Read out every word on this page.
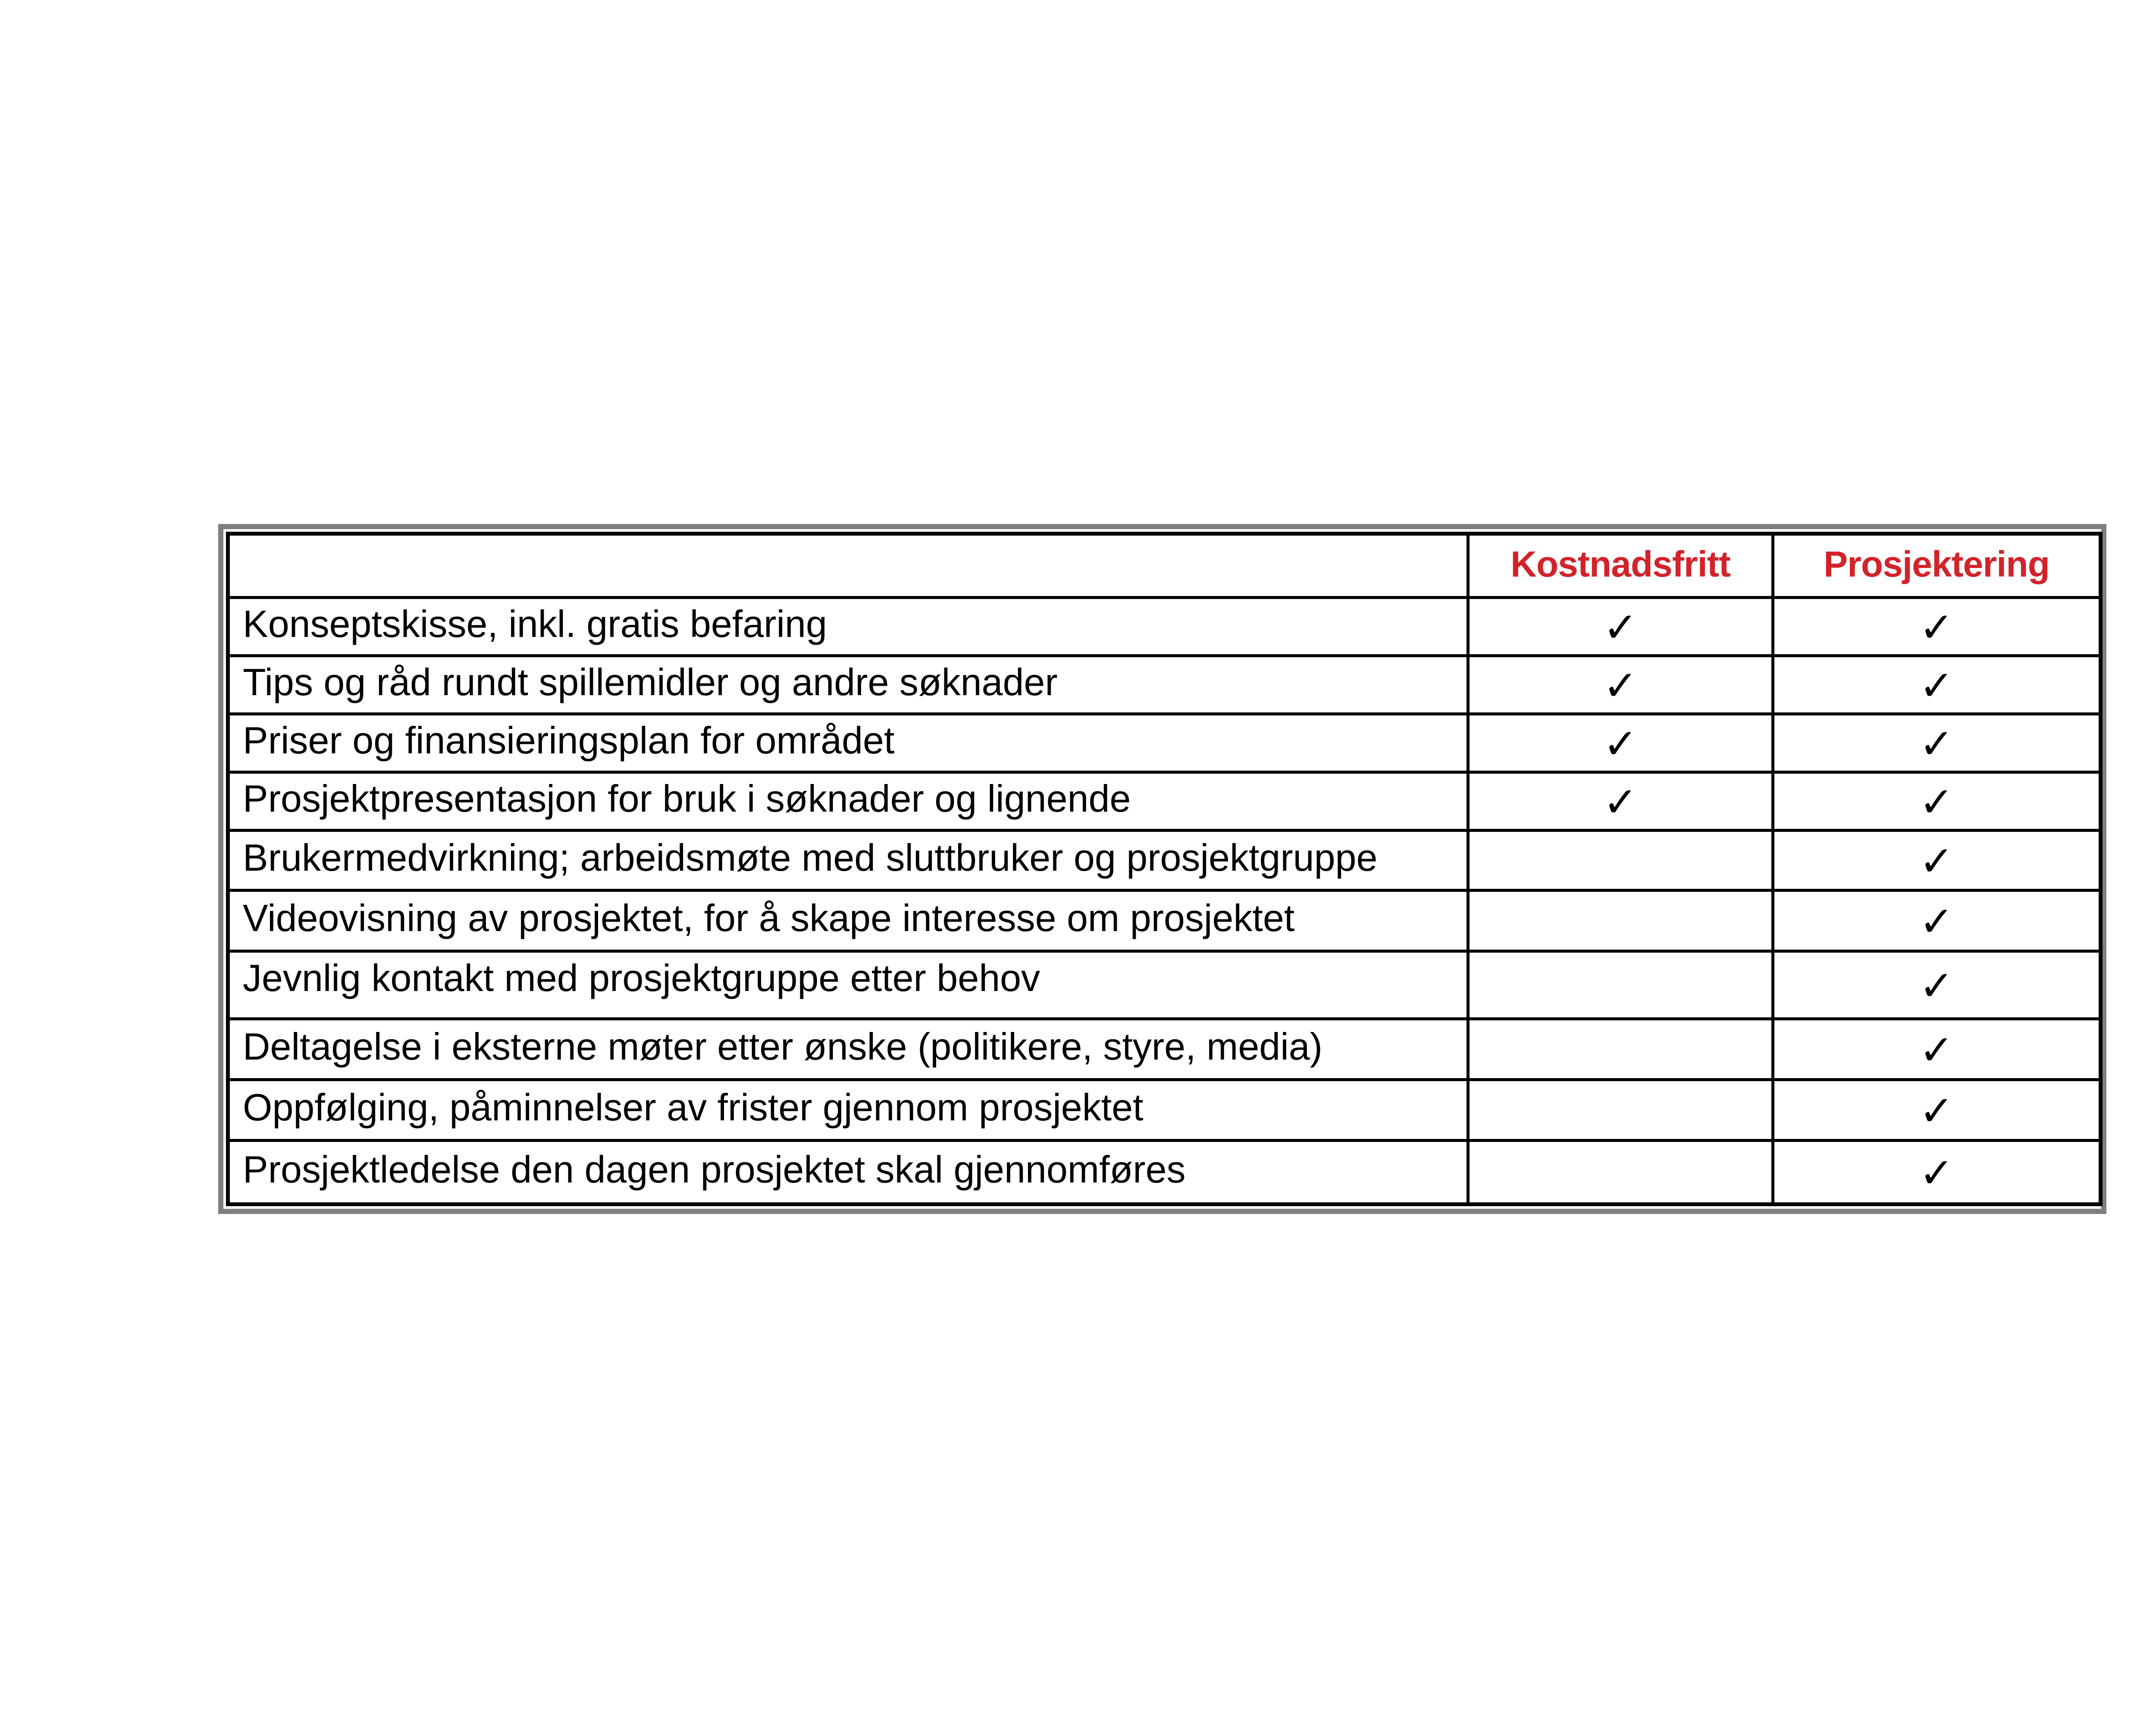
	Kostnadsfritt	Prosjektering
Konseptskisse, inkl. gratis befaring	✓	✓
Tips og råd rundt spillemidler og andre søknader	✓	✓
Priser og finansieringsplan for området	✓	✓
Prosjektpresentasjon for bruk i søknader og lignende	✓	✓
Brukermedvirkning; arbeidsmøte med sluttbruker og prosjektgruppe		✓
Videovisning av prosjektet, for å skape interesse om prosjektet		✓
Jevnlig kontakt med prosjektgruppe etter behov		✓
Deltagelse i eksterne møter etter ønske (politikere, styre, media)		✓
Oppfølging, påminnelser av frister gjennom prosjektet		✓
Prosjektledelse den dagen prosjektet skal gjennomføres		✓
